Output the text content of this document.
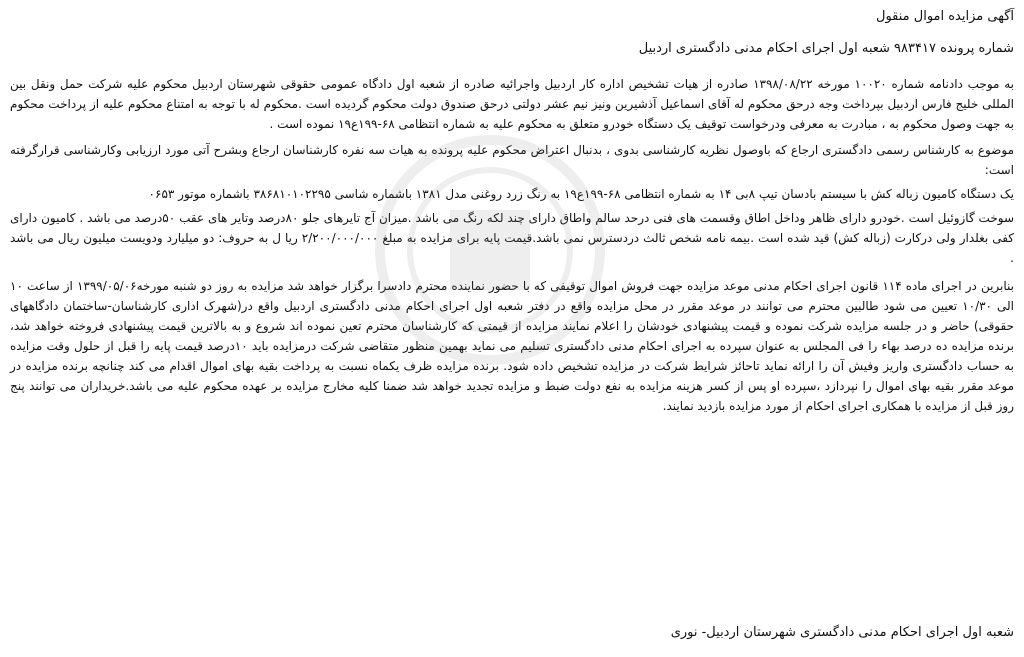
آگهی مزایده اموال منقول

شماره پرونده ۹۸۳۴۱۷ شعبه اول اجرای احکام مدنی دادگستری اردبیل

به موجب دادنامه شماره ۱۰۰۲۰ مورخه ۱۳۹۸/۰۸/۲۲ صادره از هیات تشخیص اداره کار اردبیل واجرائیه صادره از شعبه اول دادگاه عمومی حقوقی شهرستان اردبیل محکوم علیه شرکت حمل ونقل بین المللی خلیج فارس اردبیل بپرداخت وجه درحق محکوم له آقای اسماعیل آذشیرین ونیز نیم عشر دولتی درحق صندوق دولت محکوم گردیده است .محکوم له با توجه به امتناع محکوم علیه از پرداخت محکوم به جهت وصول محکوم به ، مبادرت به معرفی ودرخواست توقیف یک دستگاه خودرو متعلق به محکوم علیه به شماره انتظامی ۶۸-۱۹۹ع۱۹ نموده است .

موضوع به کارشناس رسمی دادگستری ارجاع که باوصول نظریه کارشناسی بدوی ، بدنبال اعتراض محکوم علیه پرونده به هیات سه نفره کارشناسان ارجاع وبشرح آتی مورد ارزیابی وکارشناسی قرارگرفته است:

یک دستگاه کامیون زباله کش با سیستم بادسان تیپ ۸بی ۱۴ به شماره انتظامی ۶۸-۱۹۹ع۱۹ به رنگ زرد روغنی مدل ۱۳۸۱ باشماره شاسی ۳۸۶۸۱۰۱۰۲۲۹۵ باشماره موتور ۰۶۵۳

سوخت گازوئیل است .خودرو دارای ظاهر وداخل اطاق وقسمت های فنی درحد سالم واطاق دارای چند لکه رنگ می باشد .میزان آج تایرهای جلو ۸۰درصد وتایر های عقب ۵۰درصد می باشد . کامیون دارای کفی بغلدار ولی درکارت (زباله کش) قید شده است .بیمه نامه شخص ثالث دردسترس نمی باشد.قیمت پایه برای مزایده به مبلغ ۲/۲۰۰/۰۰۰/۰۰۰ ریا ل به حروف: دو میلیارد ودویست میلیون ریال می باشد .

بنابرین در اجرای ماده ۱۱۴ قانون اجرای احکام مدنی موعد مزایده جهت فروش اموال توقیفی که با حضور نماینده محترم دادسرا برگزار خواهد شد مزایده به روز دو شنبه مورخه۱۳۹۹/۰۵/۰۶ از ساعت ۱۰ الی ۱۰/۳۰ تعیین می شود طالبین محترم می توانند در موعد مقرر در محل مزایده واقع در دفتر شعبه اول اجرای احکام مدنی دادگستری اردبیل واقع در(شهرک اداری کارشناسان-ساختمان دادگاههای حقوقی) حاضر و در جلسه مزایده شرکت نموده و قیمت پیشنهادی خودشان را اعلام نمایند مزایده از قیمتی که کارشناسان محترم تعین نموده اند شروع و به بالاترین قیمت پیشنهادی فروخته خواهد شد، برنده مزایده ده درصد بهاء را فی المجلس به عنوان سپرده به اجرای احکام مدنی دادگستری تسلیم می نماید بهمین منظور متقاضی شرکت درمزایده باید ۱۰درصد قیمت پایه را قبل از حلول وقت مزایده به حساب دادگستری واریز وفیش آن را ارائه نماید تاحائز شرایط شرکت در مزایده تشخیص داده شود. برنده مزایده ظرف یکماه نسبت به پرداخت بقیه بهای اموال اقدام می کند چنانچه برنده مزایده در موعد مقرر بقیه بهای اموال را نپردازد ،سپرده او پس از کسر هزینه مزایده به نفع دولت ضبط و مزایده تجدید خواهد شد ضمنا کلیه مخارج مزایده بر عهده محکوم علیه می باشد.خریداران می توانند پنج روز قبل از مزایده با همکاری اجرای احکام از مورد مزایده بازدید نمایند.

شعبه اول اجرای احکام مدنی دادگستری شهرستان اردبیل- نوری
